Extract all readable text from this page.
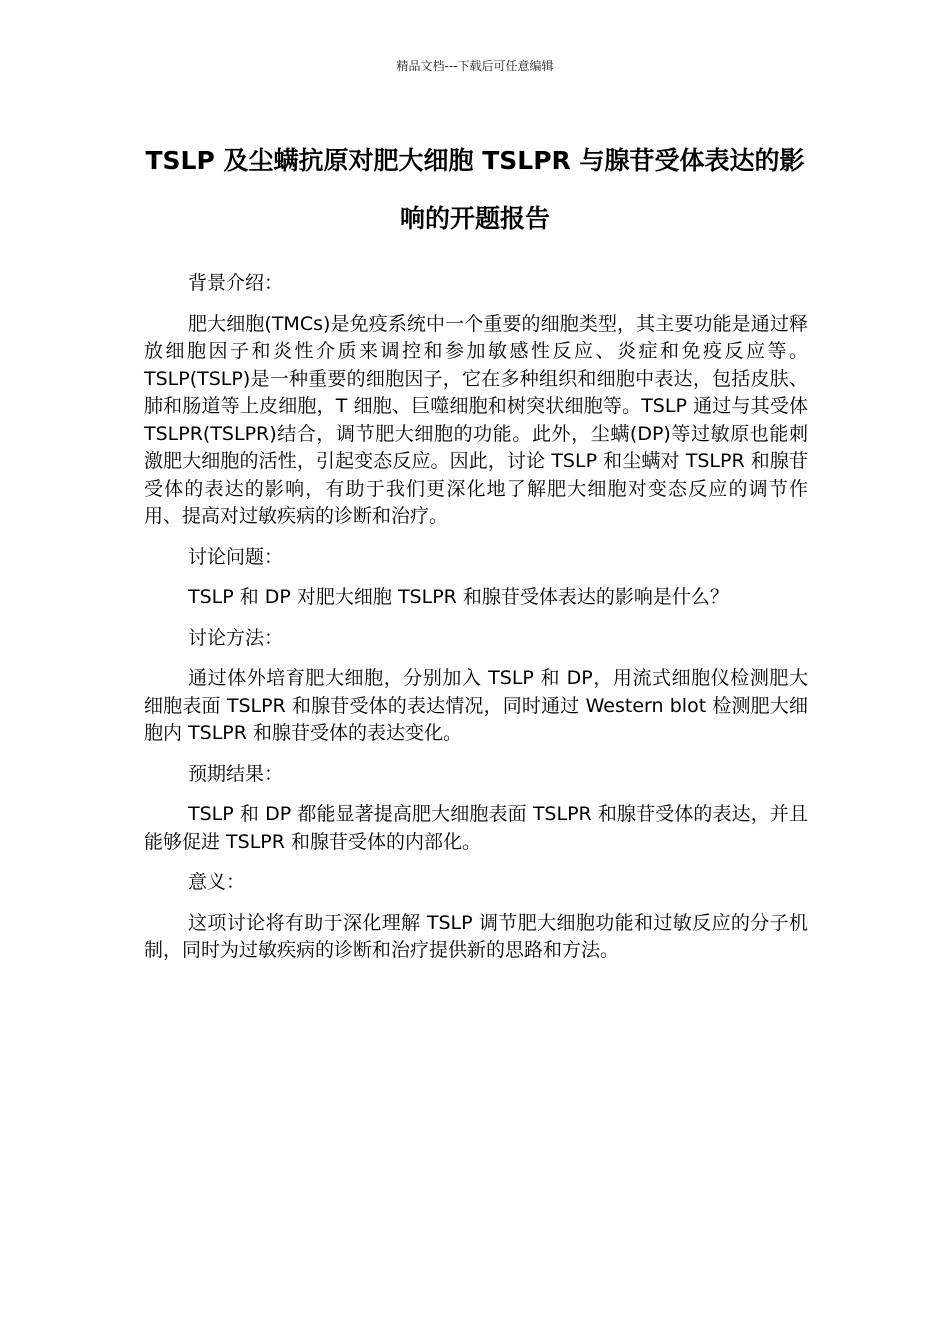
精品文档---下载后可任意编辑
TSLP 及尘螨抗原对肥大细胞 TSLPR 与腺苷受体表达的影响的开题报告

背景介绍：

肥大细胞(TMCs)是免疫系统中一个重要的细胞类型，其主要功能是通过释放细胞因子和炎性介质来调控和参加敏感性反应、炎症和免疫反应等。TSLP(TSLP)是一种重要的细胞因子，它在多种组织和细胞中表达，包括皮肤、肺和肠道等上皮细胞，T 细胞、巨噬细胞和树突状细胞等。TSLP 通过与其受体 TSLPR(TSLPR)结合，调节肥大细胞的功能。此外，尘螨(DP)等过敏原也能刺激肥大细胞的活性，引起变态反应。因此，讨论 TSLP 和尘螨对 TSLPR 和腺苷受体的表达的影响，有助于我们更深化地了解肥大细胞对变态反应的调节作用、提高对过敏疾病的诊断和治疗。

讨论问题：

TSLP 和 DP 对肥大细胞 TSLPR 和腺苷受体表达的影响是什么？

讨论方法：

通过体外培育肥大细胞，分别加入 TSLP 和 DP，用流式细胞仪检测肥大细胞表面 TSLPR 和腺苷受体的表达情况，同时通过 Western blot 检测肥大细胞内 TSLPR 和腺苷受体的表达变化。

预期结果：

TSLP 和 DP 都能显著提高肥大细胞表面 TSLPR 和腺苷受体的表达，并且能够促进 TSLPR 和腺苷受体的内部化。

意义：

这项讨论将有助于深化理解 TSLP 调节肥大细胞功能和过敏反应的分子机制，同时为过敏疾病的诊断和治疗提供新的思路和方法。
